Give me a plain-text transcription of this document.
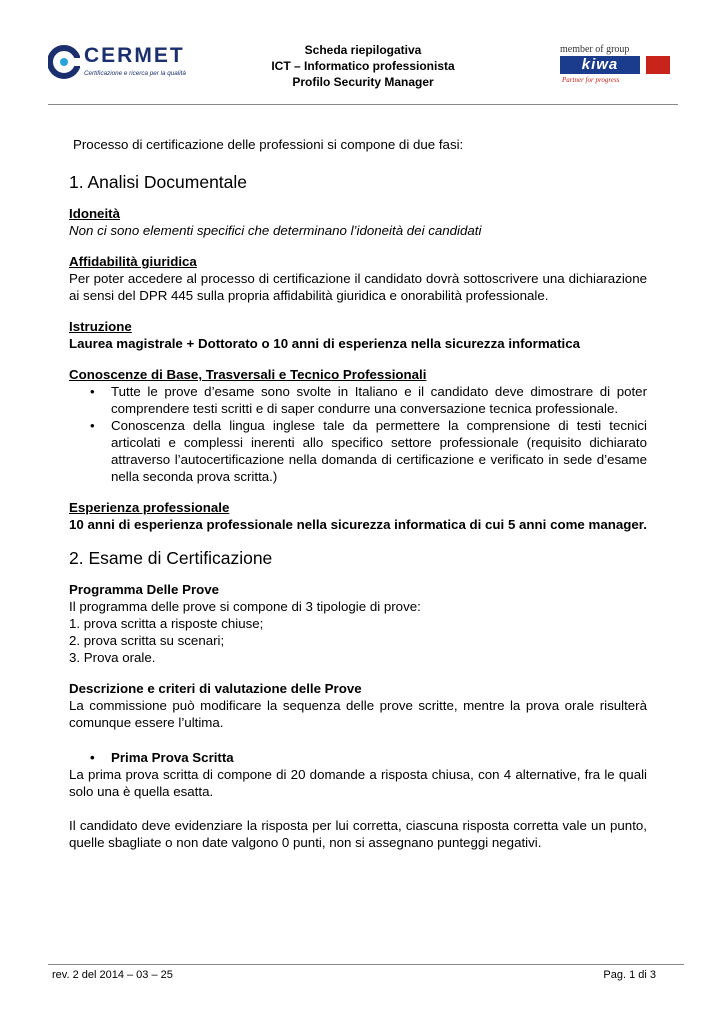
CERMET
Certificazione e ricerca per la qualità
Scheda riepilogativa
ICT – Informatico professionista
Profilo Security Manager
member of group
kiwa
Partner for progress

Processo di certificazione delle professioni si compone di due fasi:

1. Analisi Documentale

Idoneità

Non ci sono elementi specifici che determinano l’idoneità dei candidati

Affidabilità giuridica

Per poter accedere al processo di certificazione il candidato dovrà sottoscrivere una dichiarazione ai sensi del DPR 445 sulla propria affidabilità giuridica e onorabilità professionale.

Istruzione

Laurea magistrale + Dottorato o 10 anni di esperienza nella sicurezza informatica

Conoscenze di Base, Trasversali e Tecnico Professionali

• Tutte le prove d’esame sono svolte in Italiano e il candidato deve dimostrare di poter comprendere testi scritti e di saper condurre una conversazione tecnica professionale.
• Conoscenza della lingua inglese tale da permettere la comprensione di testi tecnici articolati e complessi inerenti allo specifico settore professionale (requisito dichiarato attraverso l’autocertificazione nella domanda di certificazione e verificato in sede d’esame nella seconda prova scritta.)

Esperienza professionale

10 anni di esperienza professionale nella sicurezza informatica di cui 5 anni come manager.

2. Esame di Certificazione

Programma Delle Prove

Il programma delle prove si compone di 3 tipologie di prove:

1. prova scritta a risposte chiuse;

2. prova scritta su scenari;

3. Prova orale.

Descrizione e criteri di valutazione delle Prove

La commissione può modificare la sequenza delle prove scritte, mentre la prova orale risulterà comunque essere l’ultima.

• Prima Prova Scritta

La prima prova scritta di compone di 20 domande a risposta chiusa, con 4 alternative, fra le quali solo una è quella esatta.

Il candidato deve evidenziare la risposta per lui corretta, ciascuna risposta corretta vale un punto, quelle sbagliate o non date valgono 0 punti, non si assegnano punteggi negativi.

rev. 2 del 2014 – 03 – 25	Pag. 1 di 3
